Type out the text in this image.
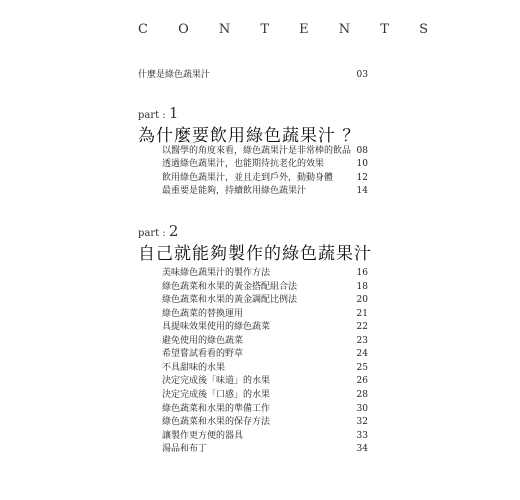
C O N T E N T S
什麼是綠色蔬果汁	03
part : 1
為什麼要飲用綠色蔬果汁 ？
以醫學的角度來看，綠色蔬果汁是非常棒的飲品 08
透過綠色蔬果汁，也能期待抗老化的效果	10
飲用綠色蔬果汁，並且走到戶外，動動身體	12
最重要是能夠，持續飲用綠色蔬果汁	14
part : 2
自己就能夠製作的綠色蔬果汁
美味綠色蔬果汁的製作方法	16
綠色蔬菜和水果的黃金搭配組合法	18
綠色蔬菜和水果的黃金調配比例法	20
綠色蔬菜的替換運用	21
具提味效果使用的綠色蔬菜	22
避免使用的綠色蔬菜	23
希望嘗試看看的野草	24
不具甜味的水果	25
決定完成後「味道」的水果	26
決定完成後「口感」的水果	28
綠色蔬菜和水果的準備工作	30
綠色蔬菜和水果的保存方法	32
讓製作更方便的器具	33
湯品和布丁	34
